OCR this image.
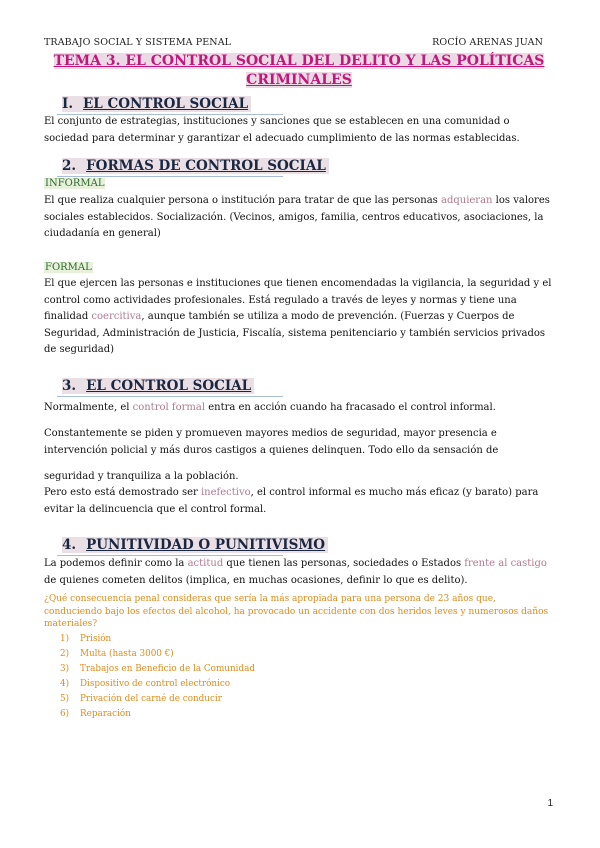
TRABAJO SOCIAL Y SISTEMA PENAL	ROCÍO ARENAS JUAN
TEMA 3. EL CONTROL SOCIAL DEL DELITO Y LAS POLÍTICAS
CRIMINALES
I. EL CONTROL SOCIAL
El conjunto de estrategias, instituciones y sanciones que se establecen en una comunidad o sociedad para determinar y garantizar el adecuado cumplimiento de las normas establecidas.
2. FORMAS DE CONTROL SOCIAL
INFORMAL
El que realiza cualquier persona o institución para tratar de que las personas adquieran los valores sociales establecidos. Socialización. (Vecinos, amigos, familia, centros educativos, asociaciones, la ciudadanía en general)
FORMAL
El que ejercen las personas e instituciones que tienen encomendadas la vigilancia, la seguridad y el control como actividades profesionales. Está regulado a través de leyes y normas y tiene una finalidad coercitiva, aunque también se utiliza a modo de prevención. (Fuerzas y Cuerpos de Seguridad, Administración de Justicia, Fiscalía, sistema penitenciario y también servicios privados de seguridad)
3. EL CONTROL SOCIAL
Normalmente, el control formal entra en acción cuando ha fracasado el control informal.
Constantemente se piden y promueven mayores medios de seguridad, mayor presencia e intervención policial y más duros castigos a quienes delinquen. Todo ello da sensación de
seguridad y tranquiliza a la población.
Pero esto está demostrado ser inefectivo, el control informal es mucho más eficaz (y barato) para evitar la delincuencia que el control formal.
4. PUNITIVIDAD O PUNITIVISMO
La podemos definir como la actitud que tienen las personas, sociedades o Estados frente al castigo de quienes cometen delitos (implica, en muchas ocasiones, definir lo que es delito).
¿Qué consecuencia penal consideras que sería la más apropiada para una persona de 23 años que, conduciendo bajo los efectos del alcohol, ha provocado un accidente con dos heridos leves y numerosos daños materiales?
1) Prisión
2) Multa (hasta 3000 €)
3) Trabajos en Beneficio de la Comunidad
4) Dispositivo de control electrónico
5) Privación del carné de conducir
6) Reparación
1
